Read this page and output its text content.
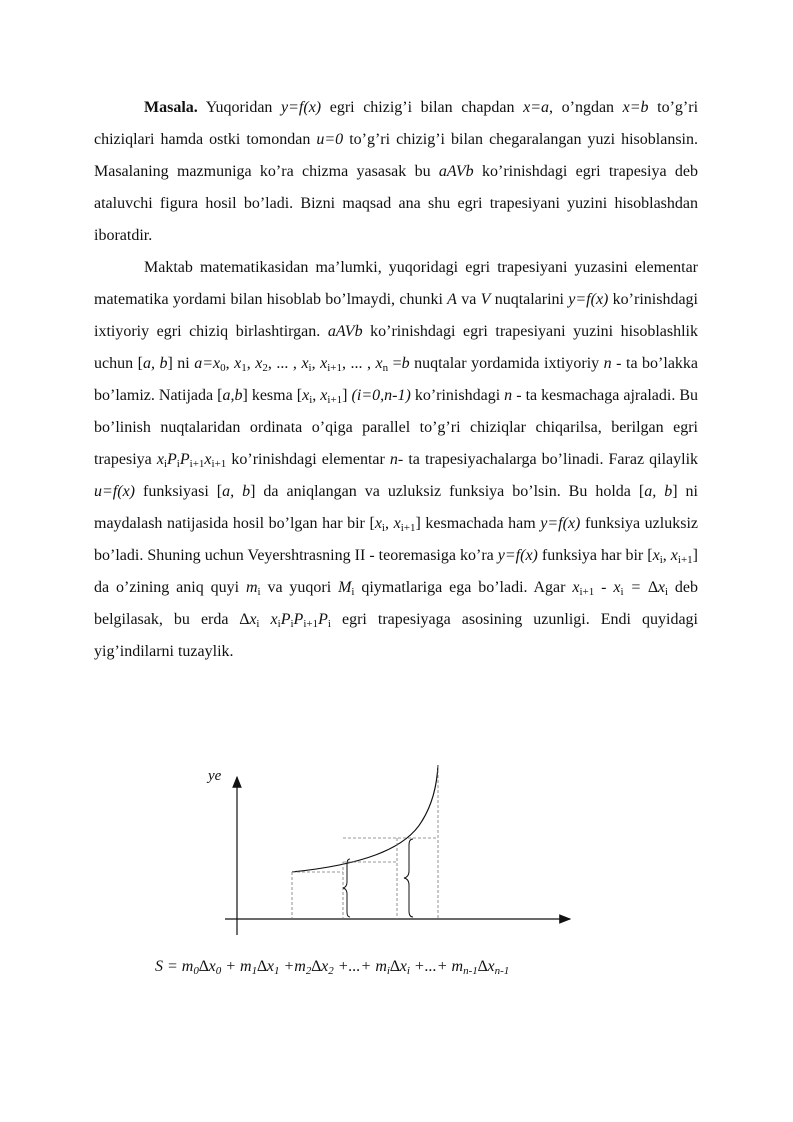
Masala. Yuqoridan y=f(x) egri chizig’i bilan chapdan x=a, o’ngdan x=b to’g’ri chiziqlari hamda ostki tomondan u=0 to’g’ri chizig’i bilan chegaralangan yuzi hisoblansin. Masalaning mazmuniga ko’ra chizma yasasak bu aAVb ko’rinishdagi egri trapesiya deb ataluvchi figura hosil bo’ladi. Bizni maqsad ana shu egri trapesiyani yuzini hisoblashdan iboratdir.

Maktab matematikasidan ma’lumki, yuqoridagi egri trapesiyani yuzasini elementar matematika yordami bilan hisoblab bo’lmaydi, chunki A va V nuqtalarini y=f(x) ko’rinishdagi ixtiyoriy egri chiziq birlashtirgan. aAVb ko’rinishdagi egri trapesiyani yuzini hisoblashlik uchun [a, b] ni $a=x_0$, $x_1$, $x_2$, ... , $x_i$, $x_{i+1}$, ... , $x_n =b$ nuqtalar yordamida ixtiyoriy n - ta bo’lakka bo’lamiz. Natijada [a,b] kesma [$x_i$, $x_{i+1}$] (i=0,n-1) ko’rinishdagi n - ta kesmachaga ajraladi. Bu bo’linish nuqtalaridan ordinata o’qiga parallel to’g’ri chiziqlar chiqarilsa, berilgan egri trapesiya $x_iP_iP_{i+1}x_{i+1}$ ko’rinishdagi elementar n- ta trapesiyachalarga bo’linadi. Faraz qilaylik u=f(x) funksiyasi [a, b] da aniqlangan va uzluksiz funksiya bo’lsin. Bu holda [a, b] ni maydalash natijasida hosil bo’lgan har bir [$x_i$, $x_{i+1}$] kesmachada ham y=f(x) funksiya uzluksiz bo’ladi. Shuning uchun Veyershtrasning II - teoremasiga ko’ra y=f(x) funksiya har bir [$x_i$, $x_{i+1}$] da o’zining aniq quyi $m_i$ va yuqori $M_i$ qiymatlariga ega bo’ladi. Agar $x_{i+1} - x_i = \Delta x_i$ deb belgilasak, bu erda $\Delta x_i$ $x_iP_iP_{i+1}P_i$ egri trapesiyaga asosining uzunligi. Endi quyidagi yig’indilarni tuzaylik.

ye
$S = m_0\Delta x_0 + m_1\Delta x_1 +m_2\Delta x_2$ +...+ $m_i\Delta x_i$ +...+ $m_{n-1}\Delta x_{n-1}$
